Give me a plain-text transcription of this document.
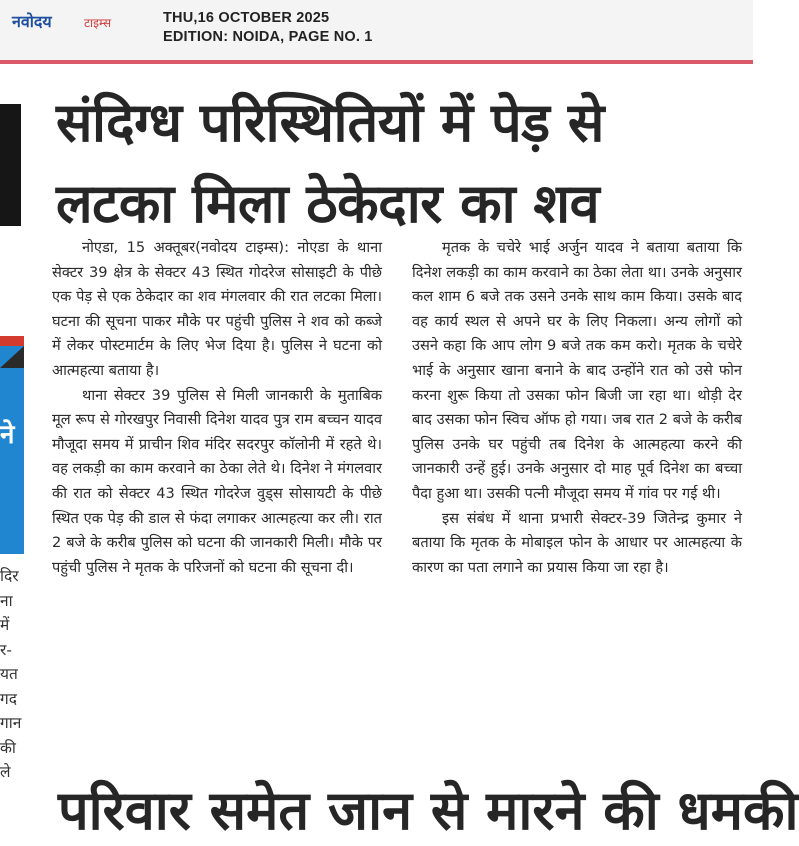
नवोदय	टाइम्स	THU,16 OCTOBER 2025
EDITION: NOIDA, PAGE NO. 1
ने
दिर
ना
में
र-
यत
गद
गान
की
ले
संदिग्ध परिस्थितियों में पेड़ से
लटका मिला ठेकेदार का शव

नोएडा, 15 अक्तूबर(नवोदय टाइम्स): नोएडा के थाना सेक्टर 39 क्षेत्र के सेक्टर 43 स्थित गोदरेज सोसाइटी के पीछे एक पेड़ से एक ठेकेदार का शव मंगलवार की रात लटका मिला। घटना की सूचना पाकर मौके पर पहुंची पुलिस ने शव को कब्जे में लेकर पोस्टमार्टम के लिए भेज दिया है। पुलिस ने घटना को आत्महत्या बताया है।

थाना सेक्टर 39 पुलिस से मिली जानकारी के मुताबिक मूल रूप से गोरखपुर निवासी दिनेश यादव पुत्र राम बच्चन यादव मौजूदा समय में प्राचीन शिव मंदिर सदरपुर कॉलोनी में रहते थे। वह लकड़ी का काम करवाने का ठेका लेते थे। दिनेश ने मंगलवार की रात को सेक्टर 43 स्थित गोदरेज वुड्स सोसायटी के पीछे स्थित एक पेड़ की डाल से फंदा लगाकर आत्महत्या कर ली। रात 2 बजे के करीब पुलिस को घटना की जानकारी मिली। मौके पर पहुंची पुलिस ने मृतक के परिजनों को घटना की सूचना दी।

मृतक के चचेरे भाई अर्जुन यादव ने बताया बताया कि दिनेश लकड़ी का काम करवाने का ठेका लेता था। उनके अनुसार कल शाम 6 बजे तक उसने उनके साथ काम किया। उसके बाद वह कार्य स्थल से अपने घर के लिए निकला। अन्य लोगों को उसने कहा कि आप लोग 9 बजे तक कम करो। मृतक के चचेरे भाई के अनुसार खाना बनाने के बाद उन्होंने रात को उसे फोन करना शुरू किया तो उसका फोन बिजी जा रहा था। थोड़ी देर बाद उसका फोन स्विच ऑफ हो गया। जब रात 2 बजे के करीब पुलिस उनके घर पहुंची तब दिनेश के आत्महत्या करने की जानकारी उन्हें हुई। उनके अनुसार दो माह पूर्व दिनेश का बच्चा पैदा हुआ था। उसकी पत्नी मौजूदा समय में गांव पर गई थी।

इस संबंध में थाना प्रभारी सेक्टर-39 जितेन्द्र कुमार ने बताया कि मृतक के मोबाइल फोन के आधार पर आत्महत्या के कारण का पता लगाने का प्रयास किया जा रहा है।

परिवार समेत जान से मारने की धमकी
